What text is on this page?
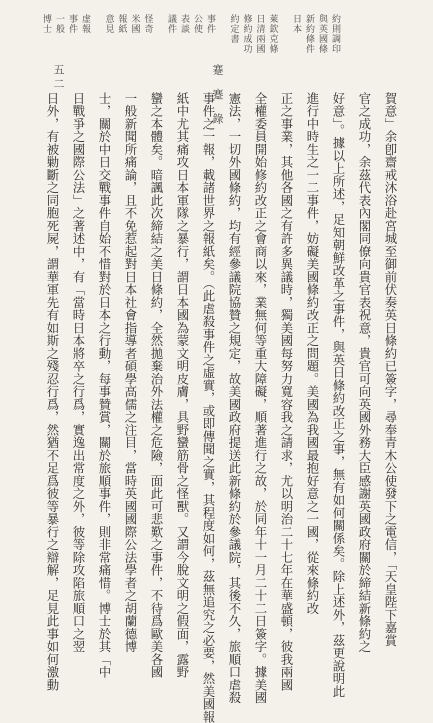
蹇 蹇 錄
約則調印
與英國條
新約條件
日本
萊欽克條
日清兩國
修約成功
約定書
事件
公使
表談
議件
怪奇
米國
報紙
意見
虚報
事件
一般
博士
五二
賀意」余卽齋戒沐浴赴宮城至御前伏奏英日條約已簽字，尋奉青木公使發下之電信，「天皇陛下嘉賞
官之成功，余茲代表內閣同僚向貴官表祝意，貴官可向英國外務大臣感謝英國政府關於締結新條約之
好意」。據以上所述，足知朝鮮改革之事件，與英日條約改正之事，無有如何關係矣。除上述外，茲更說明此
進行中時生之一二事件，妨礙美國條約改正之問題。美國為我國最抱好意之一國，從來條約改
正之事業，其他各國之有許多異議時，獨美國每努力寬容我之請求，尤以明治二十七年在華盛頓，彼我兩國
全權委員開始修約改正之會商以來，業無何等重大障礙，順著進行之故，於同年十一月二十二日簽字。據美國
憲法，一切外國條約，均有經參議院協贊之規定，故美國政府提送此新條約於參議院，其後不久，旅順口虐殺
事件之一報，載諸世界之報紙矣。（此虐殺事件之虛實，或即傳聞之實，其程度如何，茲無追究之必要，然美國報
紙中尤其痛攻日本軍隊之暴行，謂日本國為蒙文明皮膚，具野蠻筋骨之怪獸。又謂今脫文明之假面，露野
蠻之本體矣。暗諷此次締結之美日條約，全然拋棄治外法權之危險，面此可悲歎之事件，不待爲歐美各國
一般新聞所痛論，且不免惹起對日本社會指導者碩學高儒之注目，當時英國國際公法學者之胡蘭德博
士，關於中日交戰事件自始不惜對於日本之行動，每事贊賞，關於旅順事件，則非常痛惜。博士於其「中
日戰爭之國際公法」之著述中，有「當時日本將卒之行爲，實逸出常度之外，彼等除攻陷旅順口之翌
日外，有被勦斷之同胞死屍，謂華軍先有如斯之殘忍行爲，然猶不足爲彼等暴行之辯解，足見此事如何激動
